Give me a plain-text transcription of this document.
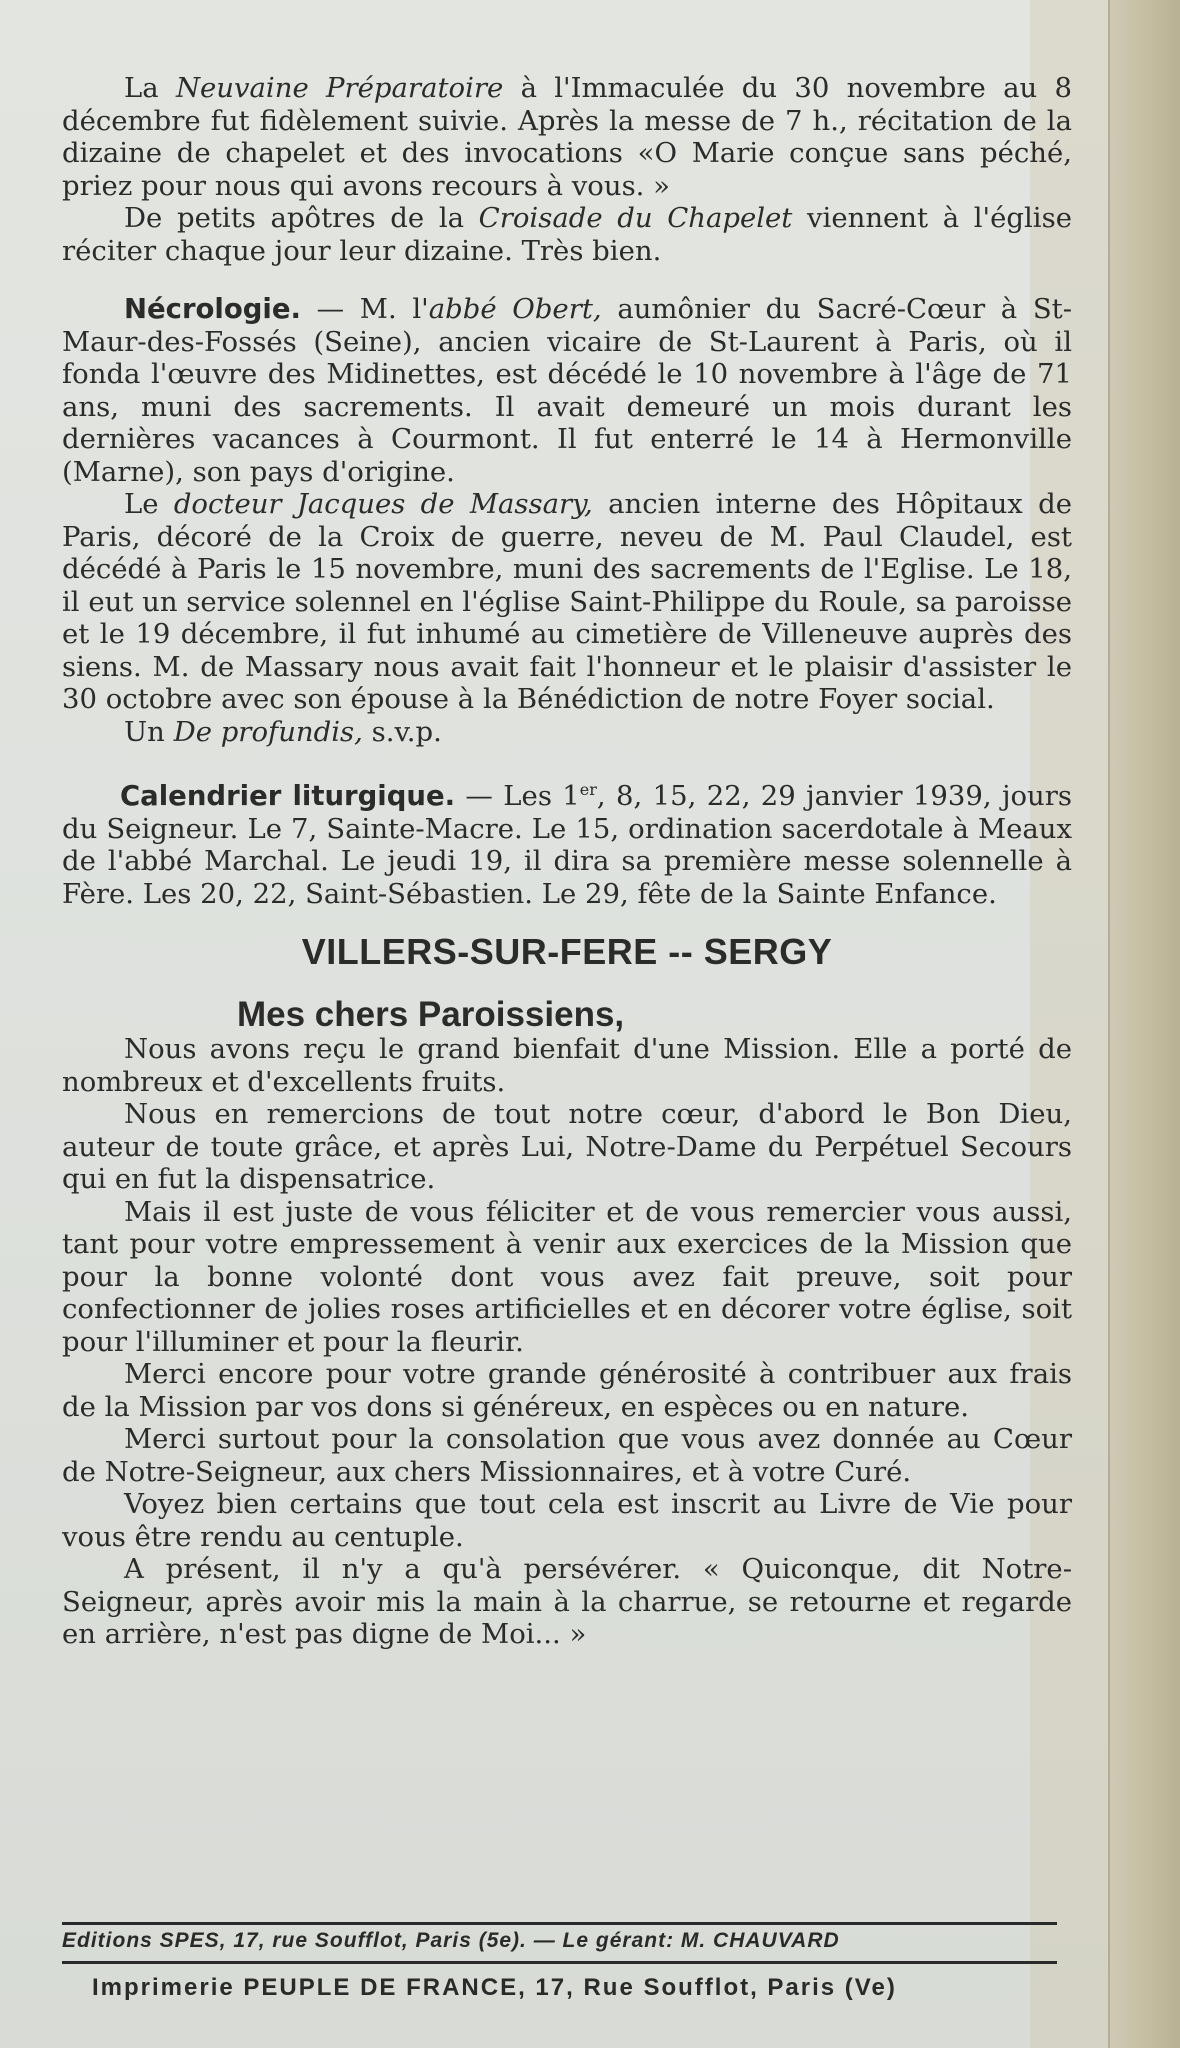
La Neuvaine Préparatoire à l'Immaculée du 30 novembre au 8 décembre fut fidèlement suivie. Après la messe de 7 h., récitation de la dizaine de chapelet et des invocations «O Marie conçue sans péché, priez pour nous qui avons recours à vous. »

De petits apôtres de la Croisade du Chapelet viennent à l'église réciter chaque jour leur dizaine. Très bien.

Nécrologie. — M. l'abbé Obert, aumônier du Sacré-Cœur à St-Maur-des-Fossés (Seine), ancien vicaire de St-Laurent à Paris, où il fonda l'œuvre des Midinettes, est décédé le 10 novembre à l'âge de 71 ans, muni des sacrements. Il avait demeuré un mois durant les dernières vacances à Courmont. Il fut enterré le 14 à Hermonville (Marne), son pays d'origine.

Le docteur Jacques de Massary, ancien interne des Hôpitaux de Paris, décoré de la Croix de guerre, neveu de M. Paul Claudel, est décédé à Paris le 15 novembre, muni des sacrements de l'Eglise. Le 18, il eut un service solennel en l'église Saint-Philippe du Roule, sa paroisse et le 19 décembre, il fut inhumé au cimetière de Villeneuve auprès des siens. M. de Massary nous avait fait l'honneur et le plaisir d'assister le 30 octobre avec son épouse à la Bénédiction de notre Foyer social.

Un De profundis, s.v.p.

Calendrier liturgique. — Les 1er, 8, 15, 22, 29 janvier 1939, jours du Seigneur. Le 7, Sainte-Macre. Le 15, ordination sacerdotale à Meaux de l'abbé Marchal. Le jeudi 19, il dira sa première messe solennelle à Fère. Les 20, 22, Saint-Sébastien. Le 29, fête de la Sainte Enfance.

VILLERS-SUR-FERE -- SERGY
Mes chers Paroissiens,

Nous avons reçu le grand bienfait d'une Mission. Elle a porté de nombreux et d'excellents fruits.

Nous en remercions de tout notre cœur, d'abord le Bon Dieu, auteur de toute grâce, et après Lui, Notre-Dame du Perpétuel Secours qui en fut la dispensatrice.

Mais il est juste de vous féliciter et de vous remercier vous aussi, tant pour votre empressement à venir aux exercices de la Mission que pour la bonne volonté dont vous avez fait preuve, soit pour confectionner de jolies roses artificielles et en décorer votre église, soit pour l'illuminer et pour la fleurir.

Merci encore pour votre grande générosité à contribuer aux frais de la Mission par vos dons si généreux, en espèces ou en nature.

Merci surtout pour la consolation que vous avez donnée au Cœur de Notre-Seigneur, aux chers Missionnaires, et à votre Curé.

Voyez bien certains que tout cela est inscrit au Livre de Vie pour vous être rendu au centuple.

A présent, il n'y a qu'à persévérer. « Quiconque, dit Notre-Seigneur, après avoir mis la main à la charrue, se retourne et regarde en arrière, n'est pas digne de Moi... »

Editions SPES, 17, rue Soufflot, Paris (5e). — Le gérant: M. CHAUVARD
Imprimerie PEUPLE DE FRANCE, 17, Rue Soufflot, Paris (Ve)
